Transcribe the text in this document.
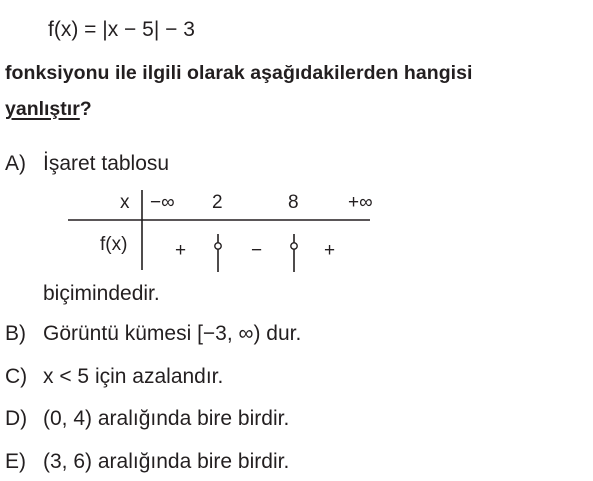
f(x) = |x − 5| − 3
fonksiyonu ile ilgili olarak aşağıdakilerden hangisi
yanlıştır?
A) İşaret tablosu
x −∞ 2	8	+∞
f(x)	+	−	+
biçimindedir.
B) Görüntü kümesi [−3, ∞) dur.
C) x < 5 için azalandır.
D) (0, 4) aralığında bire birdir.
E) (3, 6) aralığında bire birdir.
